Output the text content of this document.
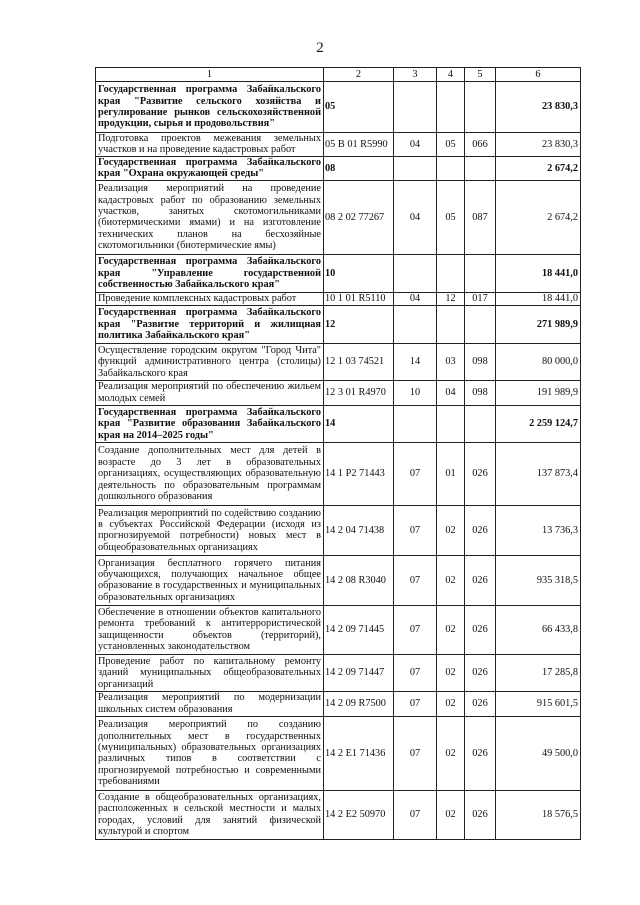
2
1	2	3	4	5	6
Государственная программа Забайкальского края "Развитие сельского хозяйства и регулирование рынков сельскохозяйственной продукции, сырья и продовольствия"	05				23 830,3
Подготовка проектов межевания земельных участков и на проведение кадастровых работ	05 В 01 R5990	04	05	066	23 830,3
Государственная программа Забайкальского края "Охрана окружающей среды"	08				2 674,2
Реализация мероприятий на проведение кадастровых работ по образованию земельных участков, занятых скотомогильниками (биотермическими ямами) и на изготовление технических планов на бесхозяйные скотомогильники (биотермические ямы)	08 2 02 77267	04	05	087	2 674,2
Государственная программа Забайкальского края "Управление государственной собственностью Забайкальского края"	10				18 441,0
Проведение комплексных кадастровых работ	10 1 01 R5110	04	12	017	18 441,0
Государственная программа Забайкальского края "Развитие территорий и жилищная политика Забайкальского края"	12				271 989,9
Осуществление городским округом "Город Чита" функций административного центра (столицы) Забайкальского края	12 1 03 74521	14	03	098	80 000,0
Реализация мероприятий по обеспечению жильем молодых семей	12 3 01 R4970	10	04	098	191 989,9
Государственная программа Забайкальского края "Развитие образования Забайкальского края на 2014–2025 годы"	14				2 259 124,7
Создание дополнительных мест для детей в возрасте до 3 лет в образовательных организациях, осуществляющих образовательную деятельность по образовательным программам дошкольного образования	14 1 Р2 71443	07	01	026	137 873,4
Реализация мероприятий по содействию созданию в субъектах Российской Федерации (исходя из прогнозируемой потребности) новых мест в общеобразовательных организациях	14 2 04 71438	07	02	026	13 736,3
Организация бесплатного горячего питания обучающихся, получающих начальное общее образование в государственных и муниципальных образовательных организациях	14 2 08 R3040	07	02	026	935 318,5
Обеспечение в отношении объектов капитального ремонта требований к антитеррористической защищенности объектов (территорий), установленных законодательством	14 2 09 71445	07	02	026	66 433,8
Проведение работ по капитальному ремонту зданий муниципальных общеобразовательных организаций	14 2 09 71447	07	02	026	17 285,8
Реализация мероприятий по модернизации школьных систем образования	14 2 09 R7500	07	02	026	915 601,5
Реализация мероприятий по созданию дополнительных мест в государственных (муниципальных) образовательных организациях различных типов в соответствии с прогнозируемой потребностью и современными требованиями	14 2 Е1 71436	07	02	026	49 500,0
Создание в общеобразовательных организациях, расположенных в сельской местности и малых городах, условий для занятий физической культурой и спортом	14 2 Е2 50970	07	02	026	18 576,5
